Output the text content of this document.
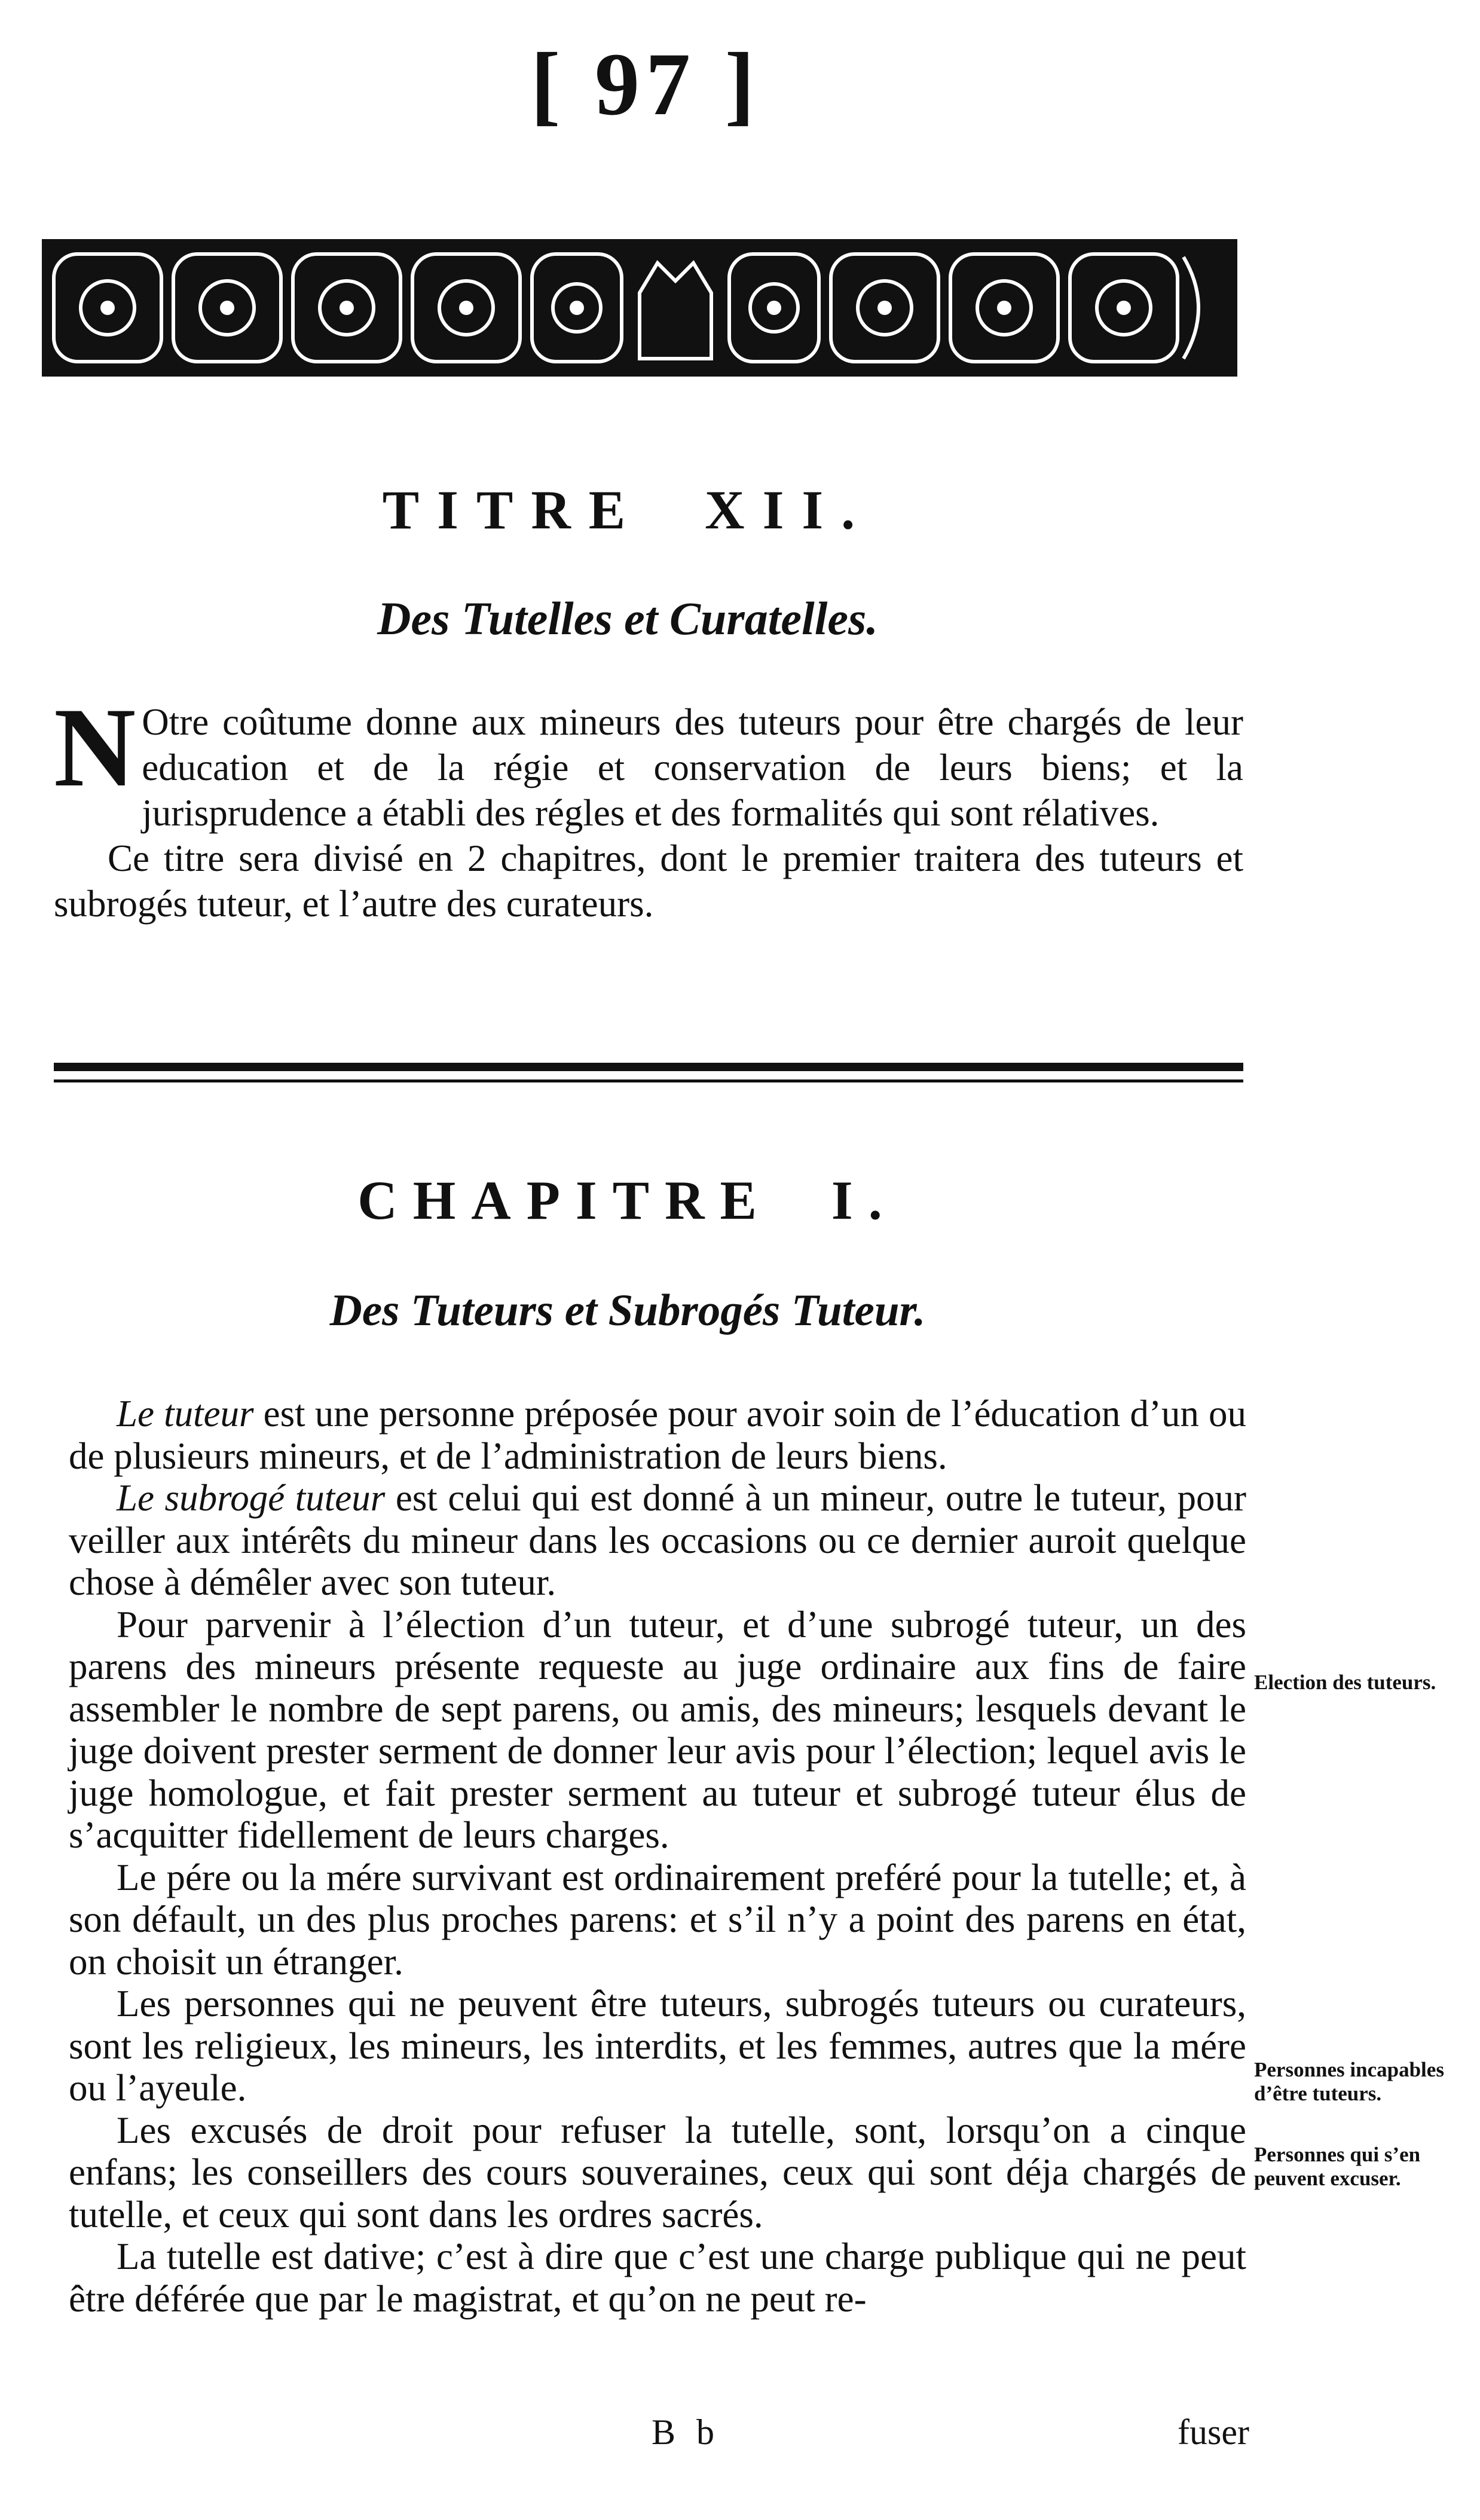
[ 97 ]
TITRE XII.
Des Tutelles et Curatelles.

N Otre coûtume donne aux mineurs des tuteurs pour être chargés de leur education et de la régie et conservation de leurs biens; et la jurisprudence a établi des régles et des formalités qui sont rélatives.

Ce titre sera divisé en 2 chapitres, dont le premier traitera des tuteurs et subrogés tuteur, et l’autre des curateurs.

CHAPITRE I.
Des Tuteurs et Subrogés Tuteur.

Le tuteur est une personne préposée pour avoir soin de l’éducation d’un ou de plusieurs mineurs, et de l’administration de leurs biens.

Le subrogé tuteur est celui qui est donné à un mineur, outre le tuteur, pour veiller aux intérêts du mineur dans les occasions ou ce dernier auroit quelque chose à démêler avec son tuteur.

Pour parvenir à l’élection d’un tuteur, et d’une subrogé tuteur, un des parens des mineurs présente requeste au juge ordinaire aux fins de faire assembler le nombre de sept parens, ou amis, des mineurs; lesquels devant le juge doivent prester serment de donner leur avis pour l’élection; lequel avis le juge homologue, et fait prester serment au tuteur et subrogé tuteur élus de s’acquitter fidellement de leurs charges.

Le pére ou la mére survivant est ordinairement preféré pour la tutelle; et, à son défault, un des plus proches parens: et s’il n’y a point des parens en état, on choisit un étranger.

Les personnes qui ne peuvent être tuteurs, subrogés tuteurs ou curateurs, sont les religieux, les mineurs, les interdits, et les femmes, autres que la mére ou l’ayeule.

Les excusés de droit pour refuser la tutelle, sont, lorsqu’on a cinque enfans; les conseillers des cours souveraines, ceux qui sont déja chargés de tutelle, et ceux qui sont dans les ordres sacrés.

La tutelle est dative; c’est à dire que c’est une charge publique qui ne peut être déférée que par le magistrat, et qu’on ne peut re-

Election des tuteurs.
Personnes incapables d’être tuteurs.
Personnes qui s’en peuvent excuser.
B b	fuser
